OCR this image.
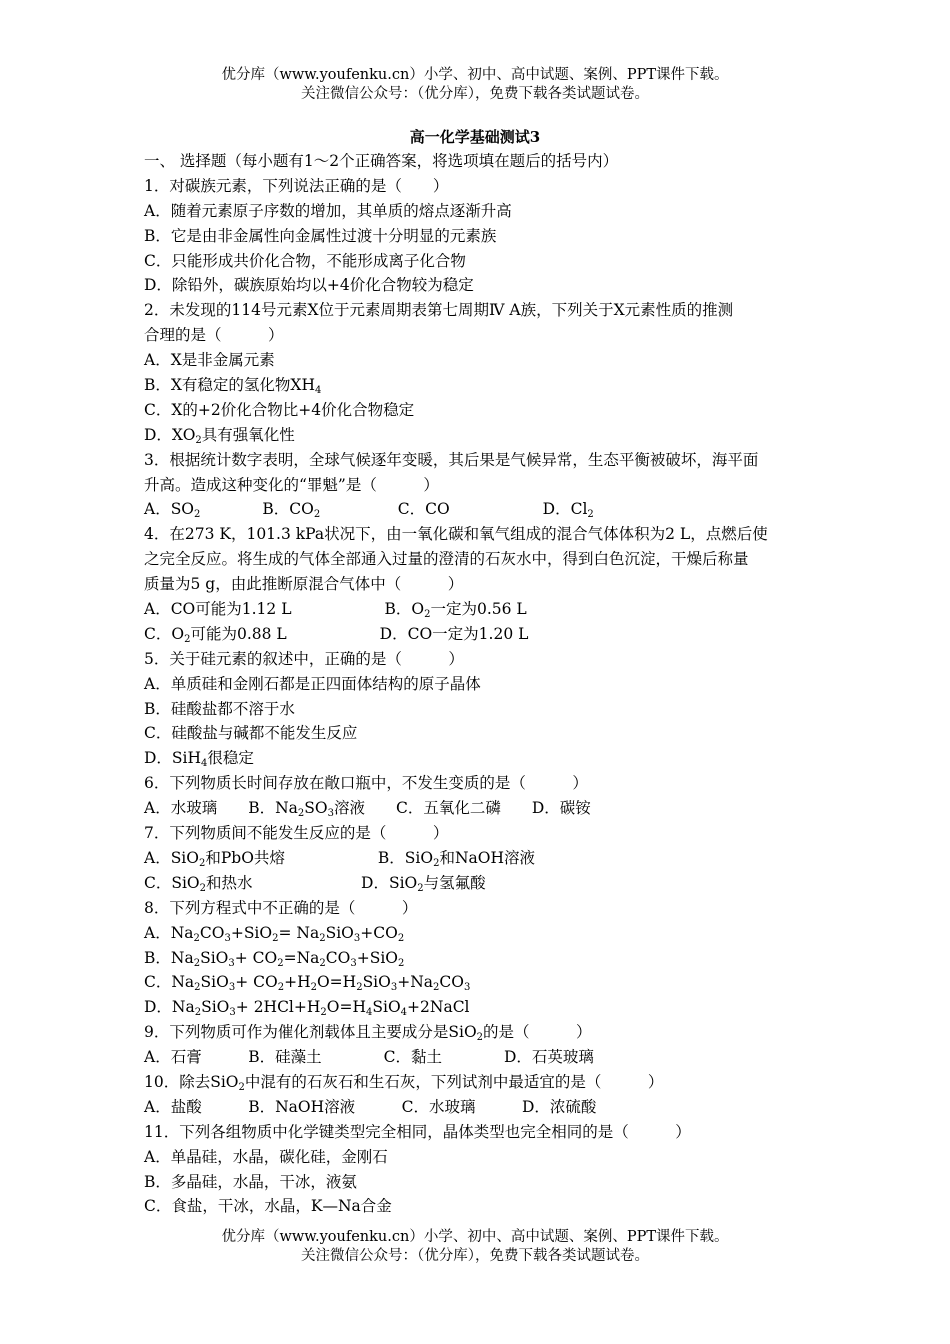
优分库（www.youfenku.cn）小学、初中、高中试题、案例、PPT课件下载。
关注微信公众号：（优分库），免费下载各类试题试卷。
高一化学基础测试3
一、 选择题（每小题有1～2个正确答案，将选项填在题后的括号内）
1．对碳族元素，下列说法正确的是（　　）
A．随着元素原子序数的增加，其单质的熔点逐渐升高
B．它是由非金属性向金属性过渡十分明显的元素族
C．只能形成共价化合物，不能形成离子化合物
D．除铅外，碳族原始均以+4价化合物较为稳定
2．未发现的114号元素X位于元素周期表第七周期Ⅳ A族，下列关于X元素性质的推测
合理的是（　　　）
A．X是非金属元素
B．X有稳定的氢化物$XH_4$
C．X的+2价化合物比+4价化合物稳定
D．$XO_2$具有强氧化性
3．根据统计数字表明，全球气候逐年变暖，其后果是气候异常，生态平衡被破坏，海平面
升高。造成这种变化的“罪魁”是（　　　）
A．$SO_2$　　　　B．$CO_2$　　　　　C．CO　　　　　　D．$Cl_2$
4．在273 K，101.3 kPa状况下，由一氧化碳和氧气组成的混合气体体积为2 L，点燃后使
之完全反应。将生成的气体全部通入过量的澄清的石灰水中，得到白色沉淀，干燥后称量
质量为5 g，由此推断原混合气体中（　　　）
A．CO可能为1.12 L　　　　　　B．$O_2$一定为0.56 L
C．$O_2$可能为0.88 L　　　　　　D．CO一定为1.20 L
5．关于硅元素的叙述中，正确的是（　　　）
A．单质硅和金刚石都是正四面体结构的原子晶体
B．硅酸盐都不溶于水
C．硅酸盐与碱都不能发生反应
D．SiH$_4$很稳定
6．下列物质长时间存放在敞口瓶中，不发生变质的是（　　　）
A．水玻璃　　B．$Na_2SO_3$溶液　　C．五氧化二磷　　D．碳铵
7．下列物质间不能发生反应的是（　　　）
A．SiO$_2$和PbO共熔　　　　　　B．SiO$_2$和NaOH溶液
C．SiO$_2$和热水　　　　　　　D．SiO$_2$与氢氟酸
8．下列方程式中不正确的是（　　　）
A．$Na_2CO_3+SiO_2= Na_2SiO_3+CO_2$
B．$Na_2SiO_3+ CO_2=Na_2CO_3+SiO_2$
C．$Na_2SiO_3+ CO_2+H_2O=H_2SiO_3+Na_2CO_3$
D．$Na_2SiO_3+$ $2HCl+H_2O=H_4SiO_4+2NaCl$
9．下列物质可作为催化剂载体且主要成分是SiO$_2$的是（　　　）
A．石膏　　　B．硅藻土　　　　C．黏土　　　　D．石英玻璃
10．除去SiO$_2$中混有的石灰石和生石灰，下列试剂中最适宜的是（　　　）
A．盐酸　　　B．NaOH溶液　　　C．水玻璃　　　D．浓硫酸
11．下列各组物质中化学键类型完全相同，晶体类型也完全相同的是（　　　）
A．单晶硅，水晶，碳化硅，金刚石
B．多晶硅，水晶，干冰，液氨
C．食盐，干冰，水晶，K—Na合金
优分库（www.youfenku.cn）小学、初中、高中试题、案例、PPT课件下载。
关注微信公众号：（优分库），免费下载各类试题试卷。
